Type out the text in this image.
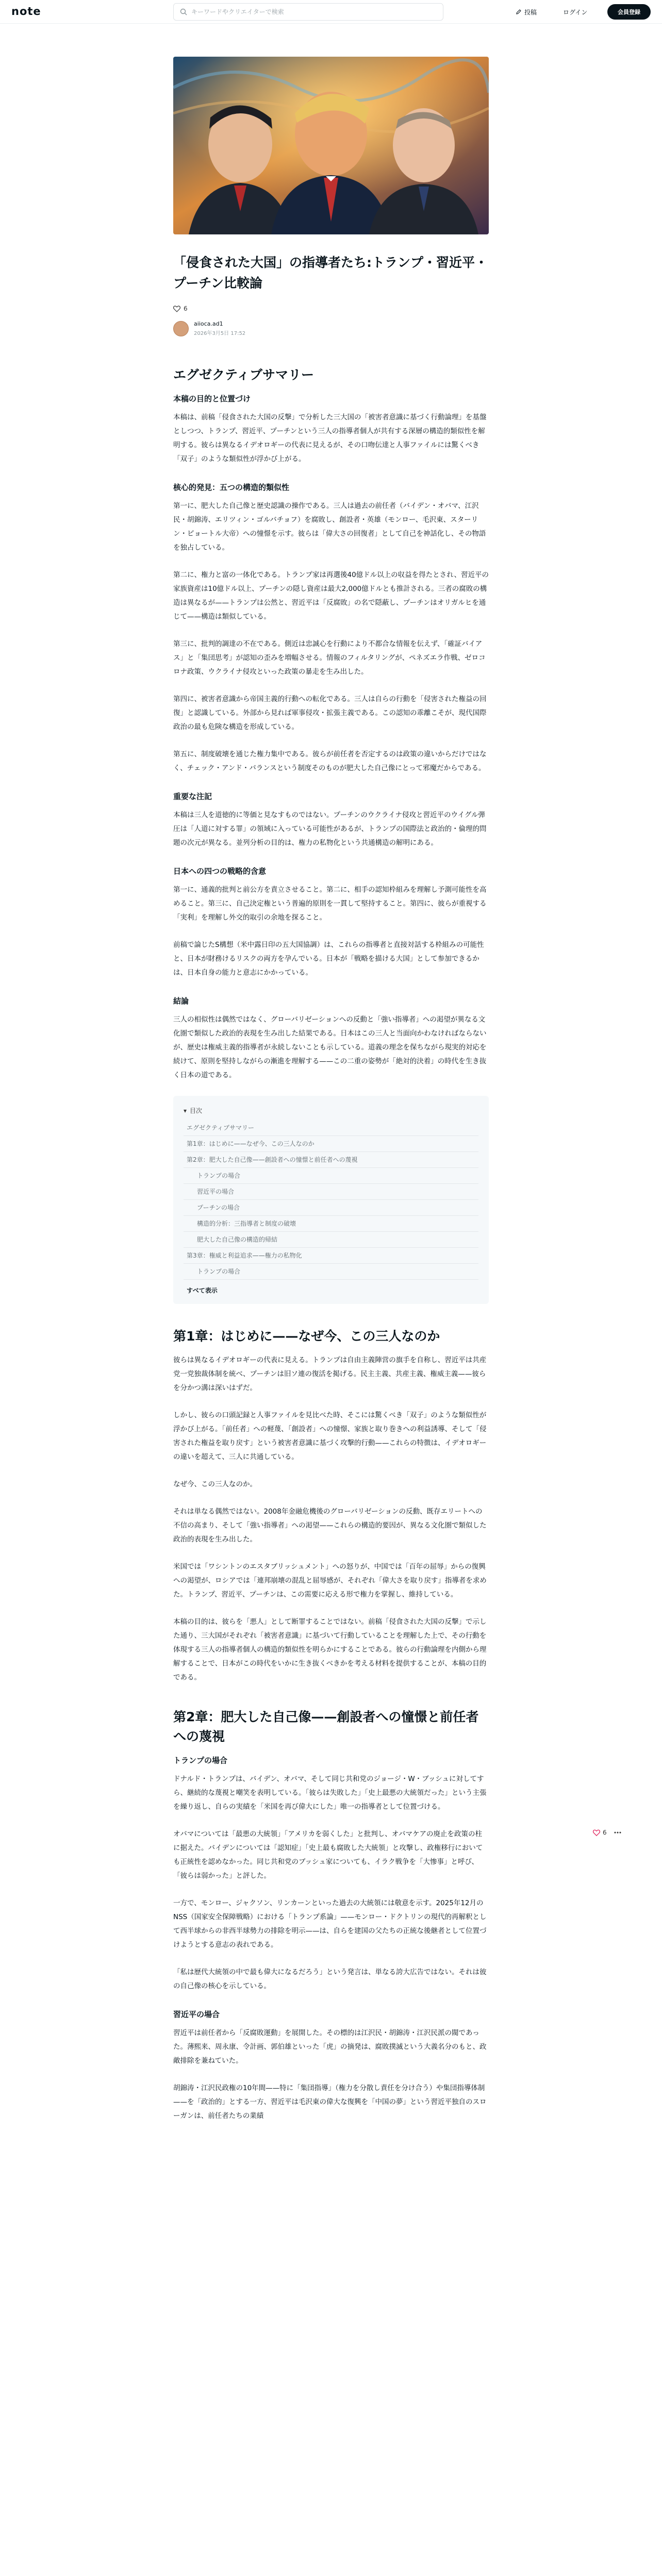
note
キーワードやクリエイターで検索	投稿	ログイン	会員登録
「侵食された大国」の指導者たち:トランプ・習近平・プーチン比較論
6
aiioca.ad1
2026年3月5日 17:52
エグゼクティブサマリー
本稿の目的と位置づけ

本稿は、前稿「侵食された大国の反撃」で分析した三大国の「被害者意識に基づく行動論理」を基盤としつつ、トランプ、習近平、プーチンという三人の指導者個人が共有する深層の構造的類似性を解明する。彼らは異なるイデオロギーの代表に見えるが、その口吻伝達と人事ファイルには驚くべき「双子」のような類似性が浮かび上がる。

核心的発見：五つの構造的類似性

第一に、肥大した自己像と歴史認識の操作である。三人は過去の前任者（バイデン・オバマ、江沢民・胡錦涛、エリツィン・ゴルバチョフ）を腐敗し、創設者・英雄（モンロー、毛沢東、スターリン・ピョートル大帝）への憧憬を示す。彼らは「偉大さの回復者」として自己を神話化し、その物語を独占している。

第二に、権力と富の一体化である。トランプ家は再選後40億ドル以上の収益を得たとされ、習近平の家族資産は10億ドル以上、プーチンの隠し資産は最大2,000億ドルとも推計される。三者の腐敗の構造は異なるが——トランプは公然と、習近平は「反腐敗」の名で隠蔽し、プーチンはオリガルヒを通じて——構造は類似している。

第三に、批判的調達の不在である。側近は忠誠心を行動により不都合な情報を伝えず、「確証バイアス」と「集団思考」が認知の歪みを増幅させる。情報のフィルタリングが、ペネズエラ作戦、ゼロコロナ政策、ウクライナ侵攻といった政策の暴走を生み出した。

第四に、被害者意識から帝国主義的行動への転化である。三人は自らの行動を「侵害された権益の回復」と認識している。外部から見れば軍事侵攻・拡張主義である。この認知の乖離こそが、現代国際政治の最も危険な構造を形成している。

第五に、制度破壊を通じた権力集中である。彼らが前任者を否定するのは政策の違いからだけではなく、チェック・アンド・バランスという制度そのものが肥大した自己像にとって邪魔だからである。

重要な注記

本稿は三人を道徳的に等価と見なすものではない。プーチンのウクライナ侵攻と習近平のウイグル弾圧は「人道に対する罪」の領域に入っている可能性があるが、トランプの国際法と政治的・倫理的問題の次元が異なる。並列分析の目的は、権力の私物化という共通構造の解明にある。

日本への四つの戦略的含意

第一に、通義的批判と前公方を責立させること。第二に、相手の認知枠組みを理解し予測可能性を高めること。第三に、自己決定権という普遍的原則を一貫して堅持すること。第四に、彼らが重視する「実利」を理解し外交的取引の余地を探ること。

前稿で論じたS構想（米中露日印の五大国協調）は、これらの指導者と直接対話する枠組みの可能性と、日本が財務けるリスクの両方を孕んでいる。日本が「戦略を描ける大国」として参加できるかは、日本自身の能力と意志にかかっている。

結論

三人の相似性は偶然ではなく、グローバリゼーションへの反動と「強い指導者」への渇望が異なる文化圏で類似した政治的表現を生み出した結果である。日本はこの三人と当面向かわなければならないが、歴史は権威主義的指導者が永続しないことも示している。道義の理念を保ちながら現実的対応を続けて、原則を堅持しながらの漸進を理解する——この二重の姿勢が「絶対的決着」の時代を生き抜く日本の道である。

▾ 目次
エグゼクティブサマリー
第1章：はじめに——なぜ今、この三人なのか
第2章：肥大した自己像——創設者への憧憬と前任者への蔑視
トランプの場合
習近平の場合
プーチンの場合
構造的分析：三指導者と制度の破壊
肥大した自己像の構造的帰結
第3章：権威と利益追求——権力の私物化
トランプの場合
すべて表示
第1章：はじめに——なぜ今、この三人なのか

彼らは異なるイデオロギーの代表に見える。トランプは自由主義陣営の旗手を自称し、習近平は共産党一党独裁体制を統べ、プーチンは旧ソ連の復活を掲げる。民主主義、共産主義、権威主義——彼らを分かつ溝は深いはずだ。

しかし、彼らの口頭記録と人事ファイルを見比べた時、そこには驚くべき「双子」のような類似性が浮かび上がる。「前任者」への軽蔑、「創設者」への憧憬、家族と取り巻きへの利益誘導、そして「侵害された権益を取り戻す」という被害者意識に基づく攻撃的行動——これらの特徴は、イデオロギーの違いを超えて、三人に共通している。

なぜ今、この三人なのか。

それは単なる偶然ではない。2008年金融危機後のグローバリゼーションの反動、既存エリートへの不信の高まり、そして「強い指導者」への渇望——これらの構造的要因が、異なる文化圏で類似した政治的表現を生み出した。

米国では「ワシントンのエスタブリッシュメント」への怒りが、中国では「百年の屈辱」からの復興への渇望が、ロシアでは「連邦崩壊の混乱と屈辱感が、それぞれ「偉大さを取り戻す」指導者を求めた。トランプ、習近平、プーチンは、この需要に応える形で権力を掌握し、維持している。

本稿の目的は、彼らを「悪人」として断罪することではない。前稿「侵食された大国の反撃」で示した通り、三大国がそれぞれ「被害者意識」に基づいて行動していることを理解した上で、その行動を体現する三人の指導者個人の構造的類似性を明らかにすることである。彼らの行動論理を内側から理解することで、日本がこの時代をいかに生き抜くべきかを考える材料を提供することが、本稿の目的である。

第2章：肥大した自己像——創設者への憧憬と前任者への蔑視
トランプの場合

ドナルド・トランプは、バイデン、オバマ、そして同じ共和党のジョージ・W・ブッシュに対してすら、継続的な蔑視と嘲笑を表明している。「彼らは失敗した」「史上最悪の大統領だった」という主張を繰り返し、自らの実績を「米国を再び偉大にした」唯一の指導者として位置づける。

オバマについては「最悪の大統領」「アメリカを弱くした」と批判し、オバマケアの廃止を政策の柱に据えた。バイデンについては「認知症」「史上最も腐敗した大統領」と攻撃し、政権移行においても正統性を認めなかった。同じ共和党のブッシュ家についても、イラク戦争を「大惨事」と呼び、「彼らは弱かった」と評した。

一方で、モンロー、ジャクソン、リンカーンといった過去の大統領には敬意を示す。2025年12月のNSS（国家安全保障戦略）における「トランプ系論」——モンロー・ドクトリンの現代的再解釈として西半球からの非西半球勢力の排除を明示——は、自らを建国の父たちの正統な後継者として位置づけようとする意志の表れである。

「私は歴代大統領の中で最も偉大になるだろう」という発言は、単なる誇大広告ではない。それは彼の自己像の核心を示している。

習近平の場合

習近平は前任者から「反腐敗運動」を展開した。その標的は江沢民・胡錦涛・江沢民派の閥であった。薄熙来、周永康、令計画、郭伯雄といった「虎」の摘発は、腐敗撲滅という大義名分のもと、政敵排除を兼ねていた。

胡錦涛・江沢民政権の10年間——特に「集団指導」（権力を分散し責任を分け合う）や集団指導体制——を「政治的」とする一方、習近平は毛沢東の偉大な復興を「中国の夢」という習近平独自のスローガンは、前任者たちの業績

6
